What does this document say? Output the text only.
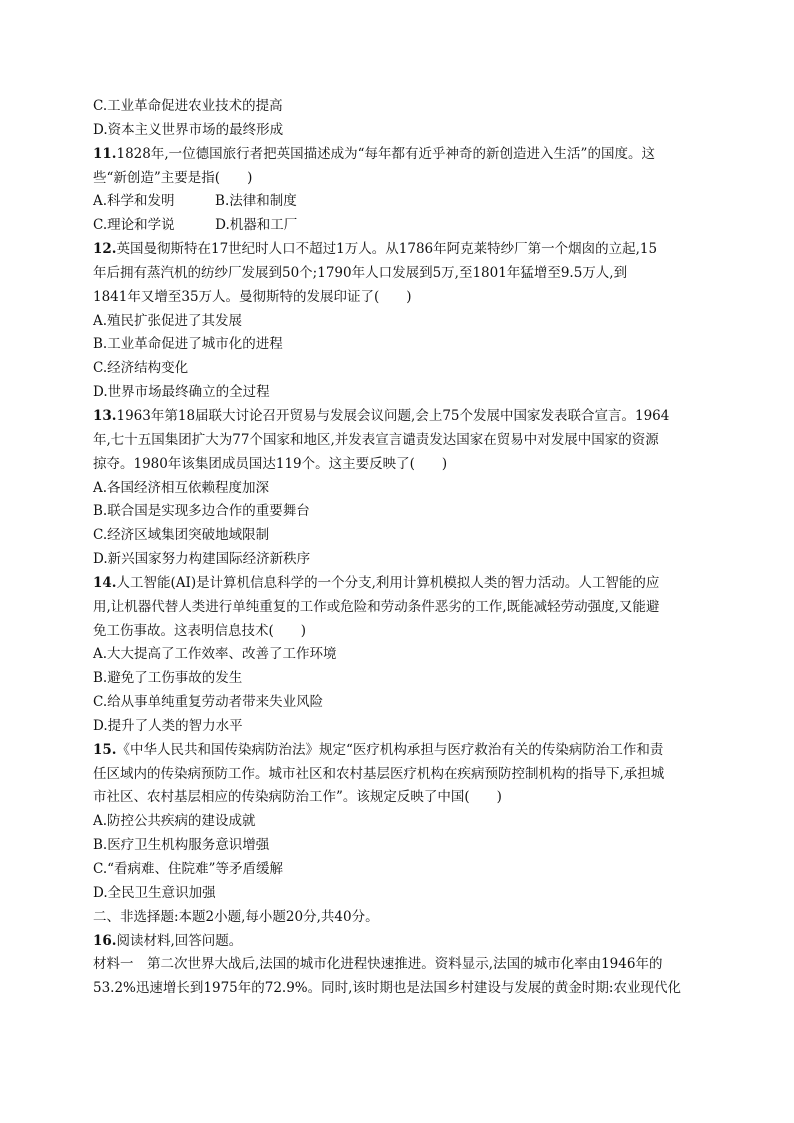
C.工业革命促进农业技术的提高
D.资本主义世界市场的最终形成
11.1828年,一位德国旅行者把英国描述成为“每年都有近乎神奇的新创造进入生活”的国度。这
些“新创造”主要是指(　　)
A.科学和发明　　　B.法律和制度
C.理论和学说　　　D.机器和工厂
12.英国曼彻斯特在17世纪时人口不超过1万人。从1786年阿克莱特纱厂第一个烟囱的立起,15
年后拥有蒸汽机的纺纱厂发展到50个;1790年人口发展到5万,至1801年猛增至9.5万人,到
1841年又增至35万人。曼彻斯特的发展印证了(　　)
A.殖民扩张促进了其发展
B.工业革命促进了城市化的进程
C.经济结构变化
D.世界市场最终确立的全过程
13.1963年第18届联大讨论召开贸易与发展会议问题,会上75个发展中国家发表联合宣言。1964
年,七十五国集团扩大为77个国家和地区,并发表宣言谴责发达国家在贸易中对发展中国家的资源
掠夺。1980年该集团成员国达119个。这主要反映了(　　)
A.各国经济相互依赖程度加深
B.联合国是实现多边合作的重要舞台
C.经济区域集团突破地域限制
D.新兴国家努力构建国际经济新秩序
14.人工智能(AI)是计算机信息科学的一个分支,利用计算机模拟人类的智力活动。人工智能的应
用,让机器代替人类进行单纯重复的工作或危险和劳动条件恶劣的工作,既能减轻劳动强度,又能避
免工伤事故。这表明信息技术(　　)
A.大大提高了工作效率、改善了工作环境
B.避免了工伤事故的发生
C.给从事单纯重复劳动者带来失业风险
D.提升了人类的智力水平
15.《中华人民共和国传染病防治法》规定“医疗机构承担与医疗救治有关的传染病防治工作和责
任区域内的传染病预防工作。城市社区和农村基层医疗机构在疾病预防控制机构的指导下,承担城
市社区、农村基层相应的传染病防治工作”。该规定反映了中国(　　)
A.防控公共疾病的建设成就
B.医疗卫生机构服务意识增强
C.“看病难、住院难”等矛盾缓解
D.全民卫生意识加强
二、非选择题:本题2小题,每小题20分,共40分。
16.阅读材料,回答问题。
材料一　第二次世界大战后,法国的城市化进程快速推进。资料显示,法国的城市化率由1946年的
53.2%迅速增长到1975年的72.9%。同时,该时期也是法国乡村建设与发展的黄金时期:农业现代化
